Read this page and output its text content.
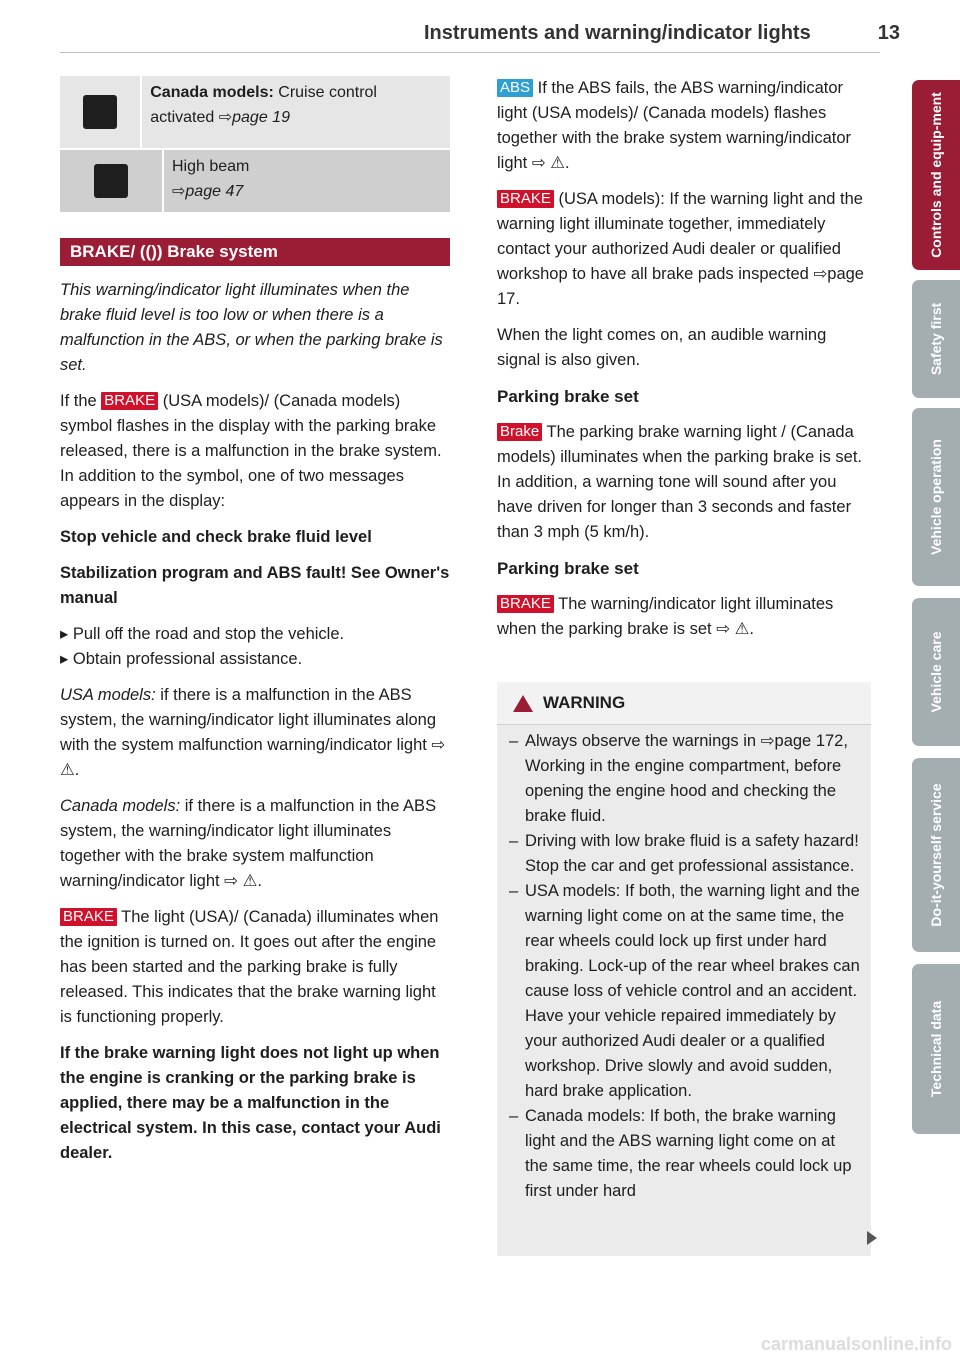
Instruments and warning/indicator lights	13
Controls and equip-ment
Safety first
Vehicle operation
Vehicle care
Do-it-yourself service
Technical data
Canada models: Cruise control activated ⇨page 19
High beam
⇨page 47
BRAKE/ (()) Brake system

This warning/indicator light illuminates when the brake fluid level is too low or when there is a malfunction in the ABS, or when the parking brake is set.

If the BRAKE (USA models)/ (Canada models) symbol flashes in the display with the parking brake released, there is a malfunction in the brake system. In addition to the symbol, one of two messages appears in the display:

Stop vehicle and check brake fluid level

Stabilization program and ABS fault! See Owner's manual

▸ Pull off the road and stop the vehicle.
▸ Obtain professional assistance.

USA models: if there is a malfunction in the ABS system, the warning/indicator light illuminates along with the system malfunction warning/indicator light ⇨ ⚠.

Canada models: if there is a malfunction in the ABS system, the warning/indicator light illuminates together with the brake system malfunction warning/indicator light ⇨ ⚠.

BRAKE The light (USA)/ (Canada) illuminates when the ignition is turned on. It goes out after the engine has been started and the parking brake is fully released. This indicates that the brake warning light is functioning properly.

If the brake warning light does not light up when the engine is cranking or the parking brake is applied, there may be a malfunction in the electrical system. In this case, contact your Audi dealer.

ABS If the ABS fails, the ABS warning/indicator light (USA models)/ (Canada models) flashes together with the brake system warning/indicator light ⇨ ⚠.

BRAKE (USA models): If the warning light and the warning light illuminate together, immediately contact your authorized Audi dealer or qualified workshop to have all brake pads inspected ⇨page 17.

When the light comes on, an audible warning signal is also given.

Parking brake set

Brake The parking brake warning light / (Canada models) illuminates when the parking brake is set. In addition, a warning tone will sound after you have driven for longer than 3 seconds and faster than 3 mph (5 km/h).

Parking brake set

BRAKE The warning/indicator light illuminates when the parking brake is set ⇨ ⚠.

WARNING
– Always observe the warnings in ⇨page 172, Working in the engine compartment, before opening the engine hood and checking the brake fluid.
– Driving with low brake fluid is a safety hazard! Stop the car and get professional assistance.
– USA models: If both, the warning light and the warning light come on at the same time, the rear wheels could lock up first under hard braking. Lock-up of the rear wheel brakes can cause loss of vehicle control and an accident. Have your vehicle repaired immediately by your authorized Audi dealer or a qualified workshop. Drive slowly and avoid sudden, hard brake application.
– Canada models: If both, the brake warning light and the ABS warning light come on at the same time, the rear wheels could lock up first under hard
carmanualsonline.info
